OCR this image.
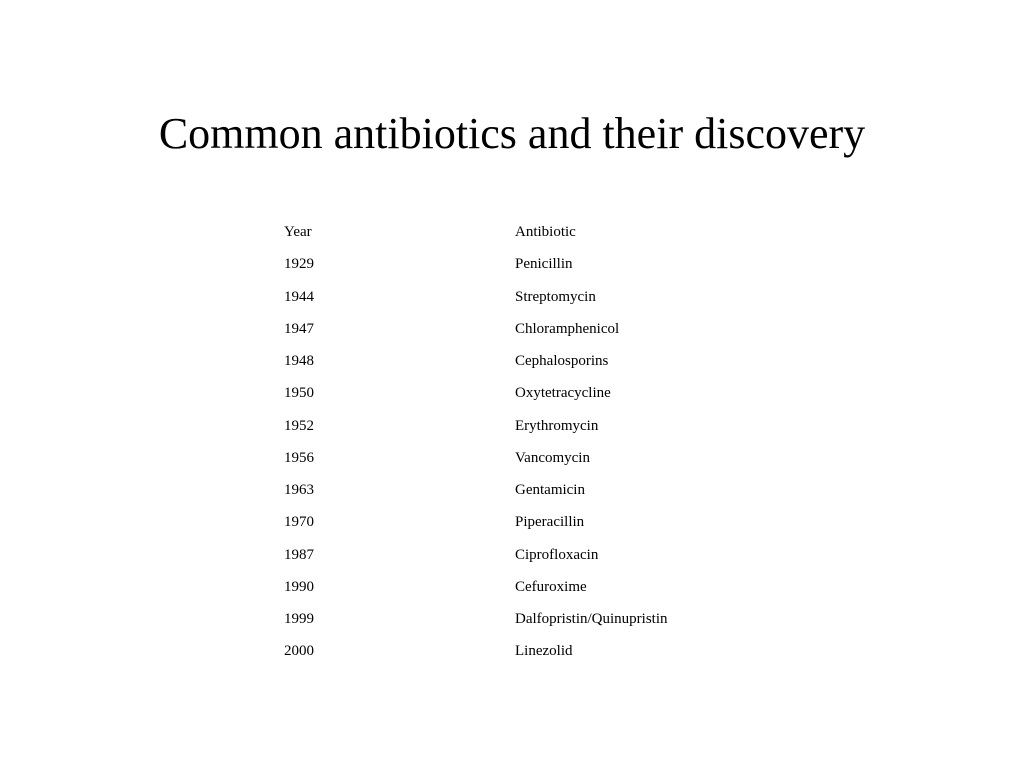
Common antibiotics and their discovery
Year	Antibiotic
1929	Penicillin
1944	Streptomycin
1947	Chloramphenicol
1948	Cephalosporins
1950	Oxytetracycline
1952	Erythromycin
1956	Vancomycin
1963	Gentamicin
1970	Piperacillin
1987	Ciprofloxacin
1990	Cefuroxime
1999	Dalfopristin/Quinupristin
2000	Linezolid
